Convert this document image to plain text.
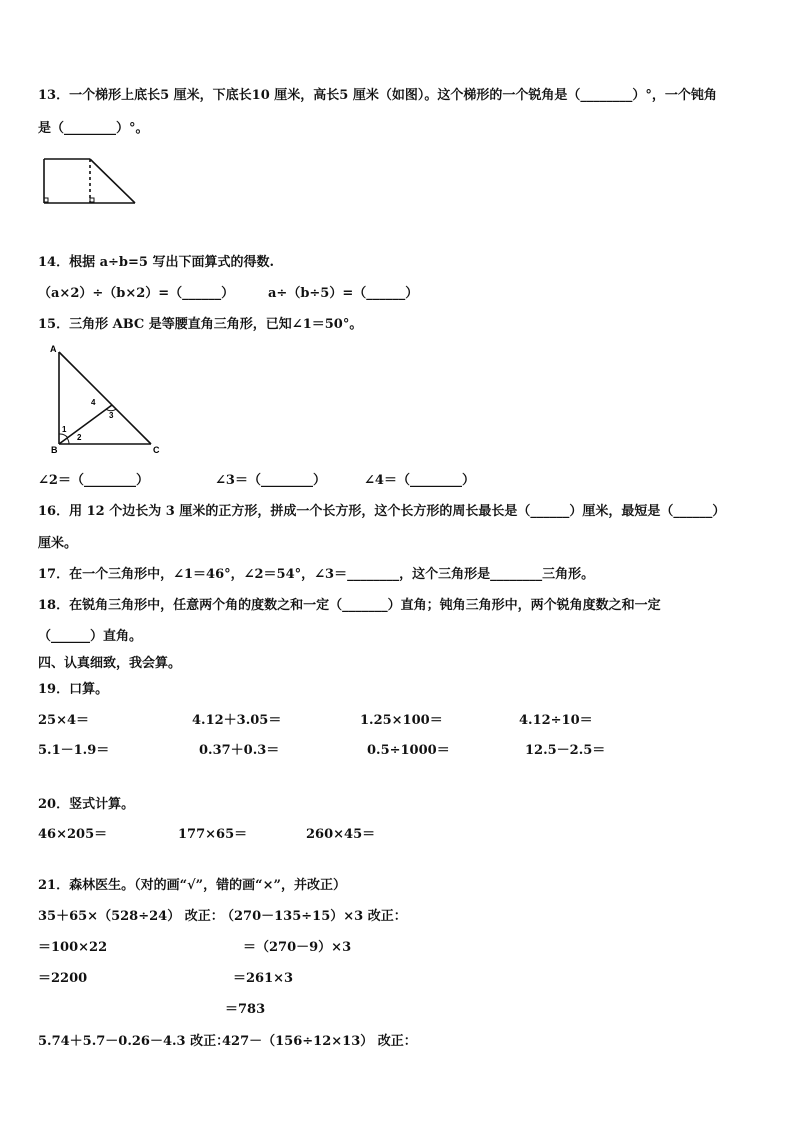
13．一个梯形上底长5 厘米，下底长10 厘米，高长5 厘米（如图）。这个梯形的一个锐角是（________）°，一个钝角
是（________）°。
14．根据 a÷b=5 写出下面算式的得数.
（a×2）÷（b×2）=（______）	a÷（b÷5）=（______）
15．三角形 ABC 是等腰直角三角形，已知∠1＝50°。
A
B	C
1
2
3
4
∠2＝（________）	∠3＝（________）	∠4＝（________）
16．用 12 个边长为 3 厘米的正方形，拼成一个长方形，这个长方形的周长最长是（______）厘米，最短是（______）
厘米。
17．在一个三角形中，∠1＝46°，∠2＝54°，∠3＝________，这个三角形是________三角形。
18．在锐角三角形中，任意两个角的度数之和一定（_______）直角；钝角三角形中，两个锐角度数之和一定
（______）直角。
四、认真细致，我会算。
19．口算。
25×4＝	4.12＋3.05＝	1.25×100＝	4.12÷10＝
5.1－1.9＝	0.37＋0.3＝	0.5÷1000＝	12.5－2.5＝
20．竖式计算。
46×205＝	177×65＝	260×45＝
21．森林医生。（对的画“√”，错的画“×”，并改正）
35＋65×（528÷24） 改正：
（270－135÷15）×3 改正：
＝100×22	＝（270－9）×3
＝2200	＝261×3
＝783
5.74＋5.7－0.26－4.3 改正：
427－（156÷12×13） 改正：
